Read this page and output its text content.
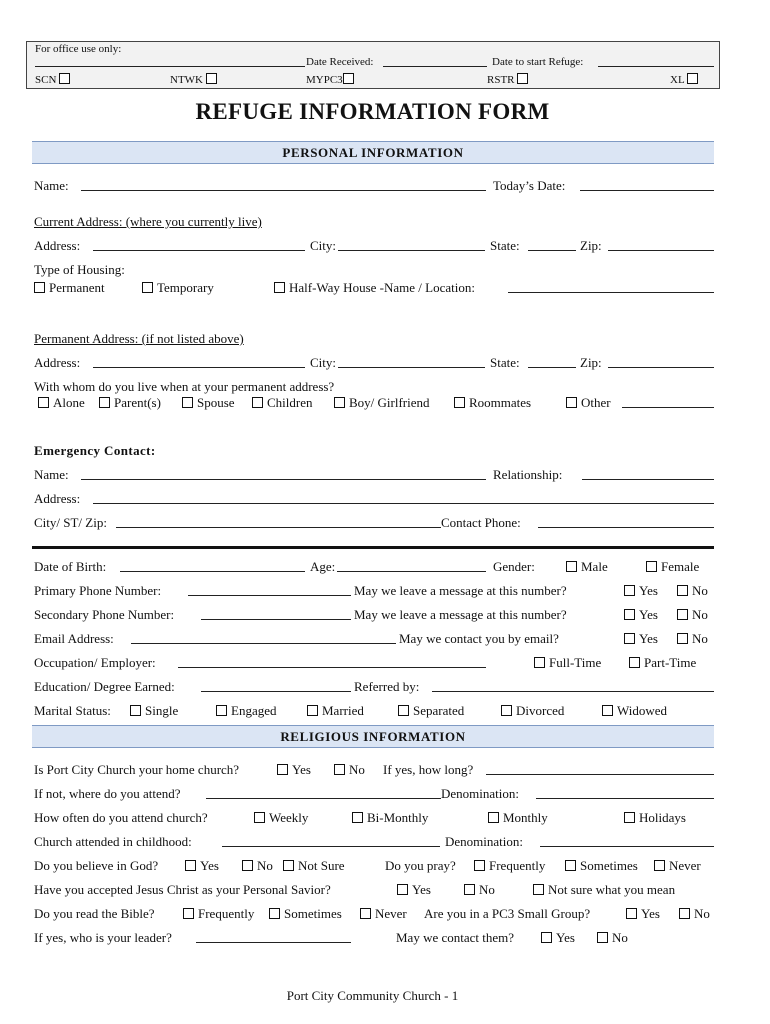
For office use only:
Date Received:	Date to start Refuge:
SCN	NTWK	MYPC3	RSTR	XL
REFUGE INFORMATION FORM
PERSONAL INFORMATION
Name:	Today’s Date:
Current Address: (where you currently live)
Address:	City:	State:	Zip:
Type of Housing:
Permanent	Temporary	Half-Way House -Name / Location:
Permanent Address: (if not listed above)
Address:	City:	State:	Zip:
With whom do you live when at your permanent address?
Alone	Parent(s)	Spouse	Children	Boy/ Girlfriend	Roommates	Other
Emergency Contact:
Name:	Relationship:
Address:
City/ ST/ Zip:	Contact Phone:
Date of Birth:	Age:	Gender:	Male	Female
Primary Phone Number:	May we leave a message at this number?	Yes	No
Secondary Phone Number:	May we leave a message at this number?	Yes	No
Email Address:	May we contact you by email?	Yes	No
Occupation/ Employer:	Full-Time	Part-Time
Education/ Degree Earned:	Referred by:
Marital Status:	Single	Engaged	Married	Separated	Divorced	Widowed
RELIGIOUS INFORMATION
Is Port City Church your home church?	Yes	No If yes, how long?
If not, where do you attend?	Denomination:
How often do you attend church?	Weekly	Bi-Monthly	Monthly	Holidays
Church attended in childhood:	Denomination:
Do you believe in God?	Yes	No	Not Sure	Do you pray?	Frequently	Sometimes	Never
Have you accepted Jesus Christ as your Personal Savior?	Yes	No	Not sure what you mean
Do you read the Bible?	Frequently	Sometimes	Never Are you in a PC3 Small Group?	Yes	No
If yes, who is your leader?	May we contact them?	Yes	No
Port City Community Church - 1
